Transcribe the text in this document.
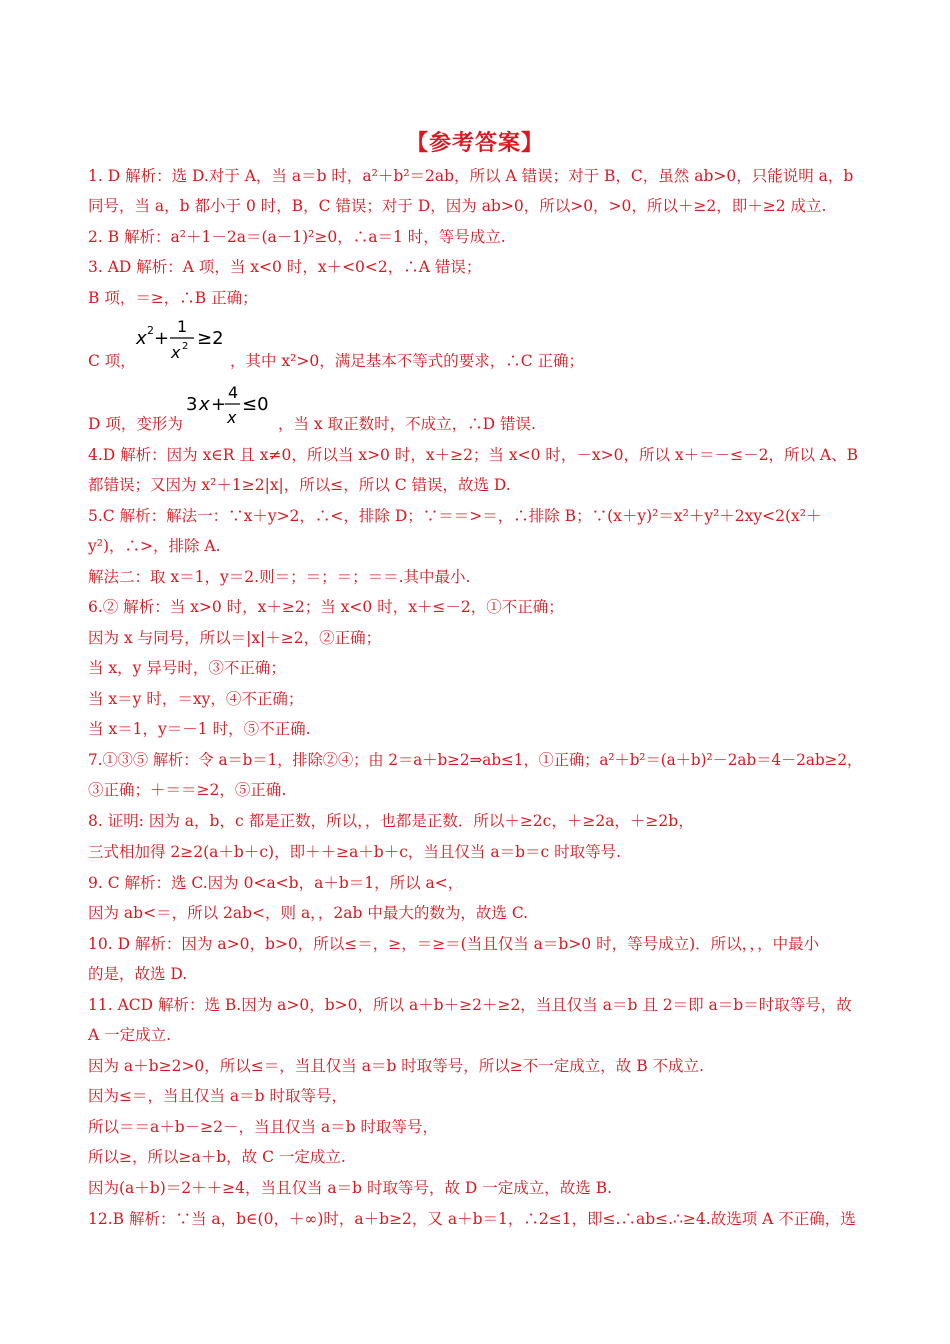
【参考答案】
1. D 解析：选 D.对于 A，当 a＝b 时，a²＋b²＝2ab，所以 A 错误；对于 B，C，虽然 ab>0，只能说明 a，b
同号，当 a，b 都小于 0 时，B，C 错误；对于 D，因为 ab>0，所以>0，>0，所以＋≥2，即＋≥2 成立.
2. B 解析：a²＋1－2a＝(a－1)²≥0，∴a＝1 时，等号成立.
3. AD 解析：A 项，当 x<0 时，x＋<0<2，∴A 错误；
B 项，＝≥，∴B 正确；
x 2 +
1
x 2 ≥2
C 项，	，其中 x²>0，满足基本不等式的要求，∴C 正确；
3 x +
4
x
≤0
D 项，变形为	，当 x 取正数时，不成立，∴D 错误.
4.D 解析：因为 x∈R 且 x≠0，所以当 x>0 时，x＋≥2；当 x<0 时，－x>0，所以 x＋＝－≤－2，所以 A、B
都错误；又因为 x²＋1≥2|x|，所以≤，所以 C 错误，故选 D.
5.C 解析：解法一：∵x＋y>2，∴<，排除 D；∵＝＝>＝，∴排除 B；∵(x＋y)²＝x²＋y²＋2xy<2(x²＋
y²)，∴>，排除 A.
解法二：取 x＝1，y＝2.则＝；＝；＝；＝＝.其中最小.
6.② 解析：当 x>0 时，x＋≥2；当 x<0 时，x＋≤－2，①不正确；
因为 x 与同号，所以＝|x|＋≥2，②正确；
当 x，y 异号时，③不正确；
当 x＝y 时，＝xy，④不正确；
当 x＝1，y＝－1 时，⑤不正确.
7.①③⑤ 解析：令 a＝b＝1，排除②④；由 2＝a＋b≥2⇒ab≤1，①正确；a²＋b²＝(a＋b)²－2ab＝4－2ab≥2，
③正确；＋＝＝≥2，⑤正确.
8. 证明: 因为 a，b，c 都是正数，所以，，也都是正数．所以＋≥2c，＋≥2a，＋≥2b，
三式相加得 2≥2(a＋b＋c)，即＋＋≥a＋b＋c，当且仅当 a＝b＝c 时取等号.
9. C 解析：选 C.因为 0<a<b，a＋b＝1，所以 a<，
因为 ab<＝，所以 2ab<，则 a，，2ab 中最大的数为，故选 C.
10. D 解析：因为 a>0，b>0，所以≤＝，≥，＝≥＝(当且仅当 a＝b>0 时，等号成立)．所以，，，中最小
的是，故选 D.
11. ACD 解析：选 B.因为 a>0，b>0，所以 a＋b＋≥2＋≥2，当且仅当 a＝b 且 2＝即 a＝b＝时取等号，故
A 一定成立.
因为 a＋b≥2>0，所以≤＝，当且仅当 a＝b 时取等号，所以≥不一定成立，故 B 不成立.
因为≤＝，当且仅当 a＝b 时取等号，
所以＝＝a＋b－≥2－，当且仅当 a＝b 时取等号，
所以≥，所以≥a＋b，故 C 一定成立.
因为(a＋b)＝2＋＋≥4，当且仅当 a＝b 时取等号，故 D 一定成立，故选 B.
12.B 解析：∵当 a，b∈(0，＋∞)时，a＋b≥2，又 a＋b＝1，∴2≤1，即≤.∴ab≤.∴≥4.故选项 A 不正确，选
